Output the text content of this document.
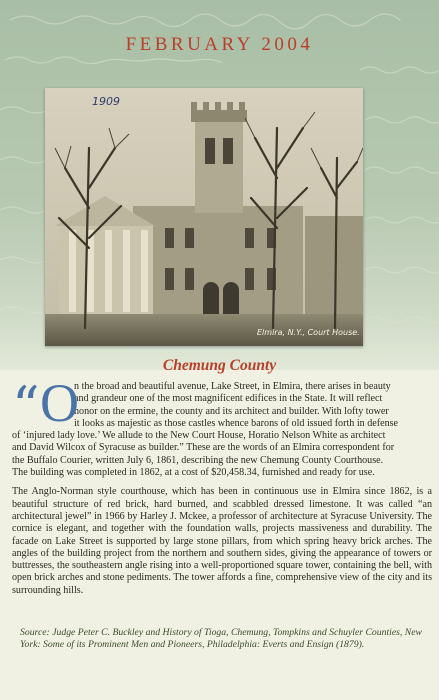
FEBRUARY 2004
1909
Elmira, N.Y., Court House.
Chemung County
“ O
n the broad and beautiful avenue, Lake Street, in Elmira, there arises in beauty
and grandeur one of the most magnificent edifices in the State. It will reflect
honor on the ermine, the county and its architect and builder. With lofty tower
it looks as majestic as those castles whence barons of old issued forth in defense
of ‘injured lady love.’ We allude to the New Court House, Horatio Nelson White as architect
and David Wilcox of Syracuse as builder.” These are the words of an Elmira correspondent for
the Buffalo Courier, written July 6, 1861, describing the new Chemung County Courthouse.
The building was completed in 1862, at a cost of $20,458.34, furnished and ready for use.

The Anglo-Norman style courthouse, which has been in continuous use in Elmira since 1862, is a beautiful structure of red brick, hard burned, and scabbled dressed limestone. It was called “an architectural jewel” in 1966 by Harley J. Mckee, a professor of architecture at Syracuse University. The cornice is elegant, and together with the foundation walls, projects massiveness and durability. The facade on Lake Street is supported by large stone pillars, from which spring heavy brick arches. The angles of the building project from the northern and southern sides, giving the appearance of towers or buttresses, the southeastern angle rising into a well-proportioned square tower, containing the bell, with open brick arches and stone pediments. The tower affords a fine, comprehensive view of the city and its surrounding hills.

Source: Judge Peter C. Buckley and History of Tioga, Chemung, Tompkins and Schuyler Counties, New York: Some of its Prominent Men and Pioneers, Philadelphia: Everts and Ensign (1879).
